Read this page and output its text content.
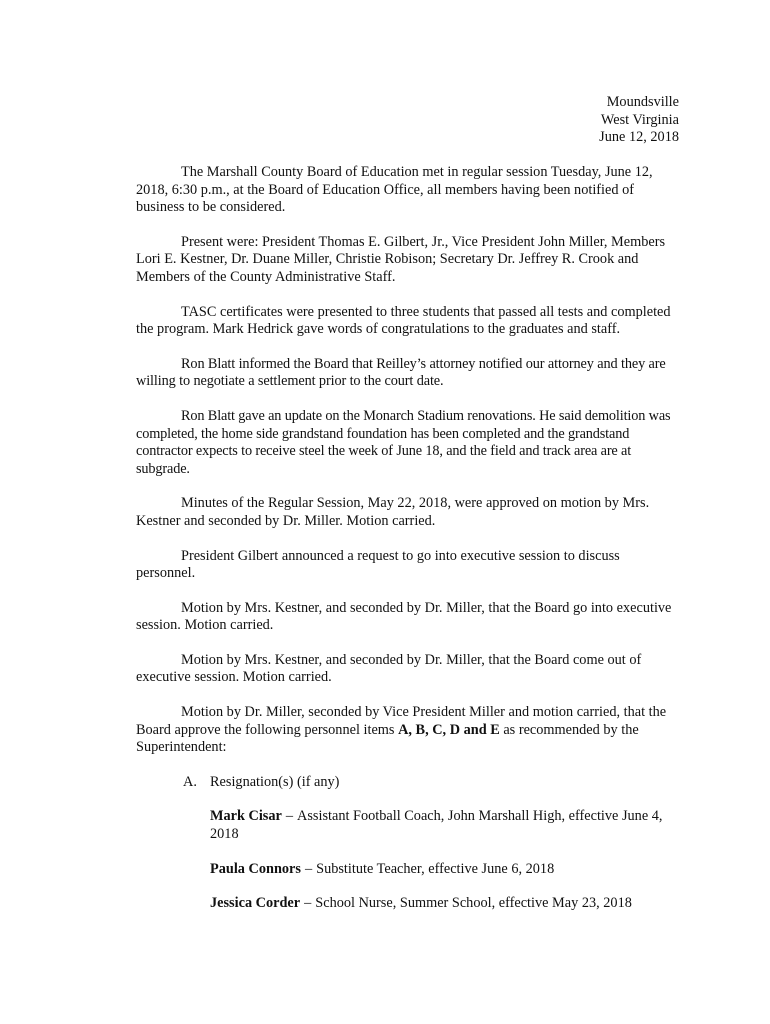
Moundsville
West Virginia
June 12, 2018

The Marshall County Board of Education met in regular session Tuesday, June 12, 2018, 6:30 p.m., at the Board of Education Office, all members having been notified of business to be considered.

Present were: President Thomas E. Gilbert, Jr., Vice President John Miller, Members Lori E. Kestner, Dr. Duane Miller, Christie Robison; Secretary Dr. Jeffrey R. Crook and Members of the County Administrative Staff.

TASC certificates were presented to three students that passed all tests and completed the program. Mark Hedrick gave words of congratulations to the graduates and staff.

Ron Blatt informed the Board that Reilley’s attorney notified our attorney and they are willing to negotiate a settlement prior to the court date.

Ron Blatt gave an update on the Monarch Stadium renovations. He said demolition was completed, the home side grandstand foundation has been completed and the grandstand contractor expects to receive steel the week of June 18, and the field and track area are at subgrade.

Minutes of the Regular Session, May 22, 2018, were approved on motion by Mrs. Kestner and seconded by Dr. Miller. Motion carried.

President Gilbert announced a request to go into executive session to discuss personnel.

Motion by Mrs. Kestner, and seconded by Dr. Miller, that the Board go into executive session. Motion carried.

Motion by Mrs. Kestner, and seconded by Dr. Miller, that the Board come out of executive session. Motion carried.

Motion by Dr. Miller, seconded by Vice President Miller and motion carried, that the Board approve the following personnel items A, B, C, D and E as recommended by the Superintendent:

A. Resignation(s) (if any)
Mark Cisar – Assistant Football Coach, John Marshall High, effective June 4, 2018
Paula Connors – Substitute Teacher, effective June 6, 2018
Jessica Corder – School Nurse, Summer School, effective May 23, 2018
